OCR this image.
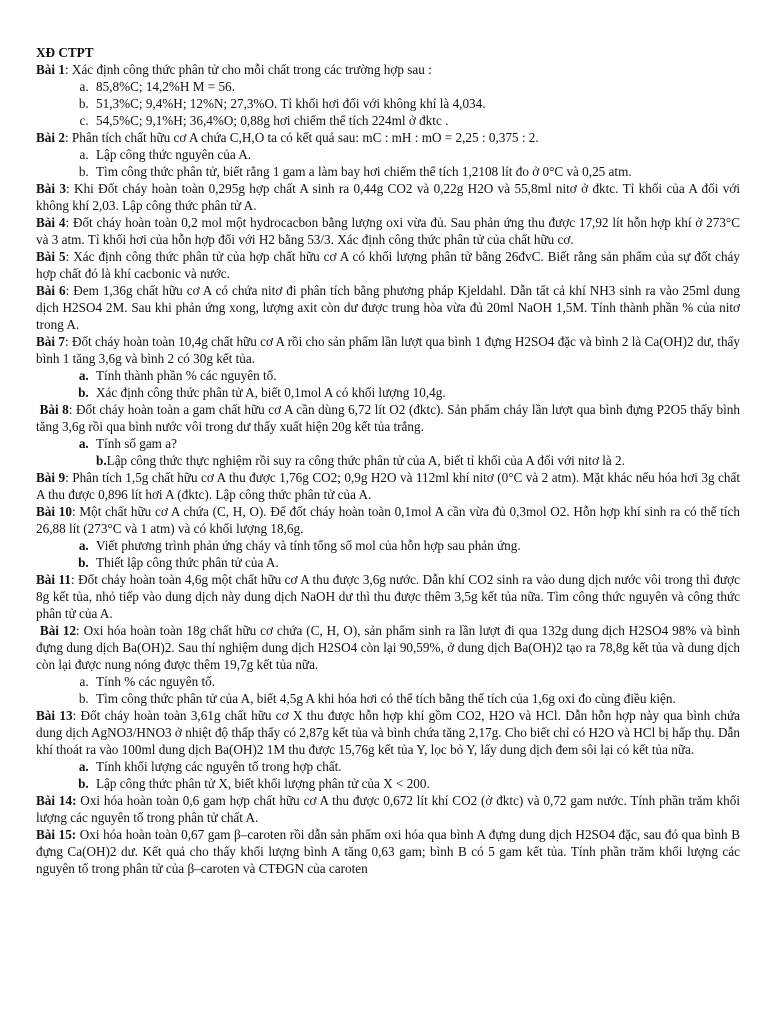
XĐ CTPT

Bài 1: Xác định công thức phân tử cho mỗi chất trong các trường hợp sau :

a. 85,8%C; 14,2%H M = 56.
b. 51,3%C; 9,4%H; 12%N; 27,3%O. Tỉ khối hơi đối với không khí là 4,034.
c. 54,5%C; 9,1%H; 36,4%O; 0,88g hơi chiếm thể tích 224ml ở đktc .

Bài 2: Phân tích chất hữu cơ A chứa C,H,O ta có kết quả sau: mC : mH : mO = 2,25 : 0,375 : 2.

a. Lập công thức nguyên của A.
b. Tìm công thức phân tử, biết rằng 1 gam a làm bay hơi chiếm thể tích 1,2108 lít đo ở 0°C và 0,25 atm.

Bài 3: Khi Đốt cháy hoàn toàn 0,295g hợp chất A sinh ra 0,44g CO2 và 0,22g H2O và 55,8ml nitơ ở đktc. Tỉ khối của A đối với không khí 2,03. Lập công thức phân tử A.

Bài 4: Đốt cháy hoàn toàn 0,2 mol một hydrocacbon bằng lượng oxi vừa đủ. Sau phản ứng thu được 17,92 lít hỗn hợp khí ở 273°C và 3 atm. Tỉ khối hơi của hỗn hợp đối với H2 bằng 53/3. Xác định công thức phân tử của chất hữu cơ.

Bài 5: Xác định công thức phân tử của hợp chất hữu cơ A có khối lượng phân tử bằng 26đvC. Biết rằng sản phẩm của sự đốt cháy hợp chất đó là khí cacbonic và nước.

Bài 6: Đem 1,36g chất hữu cơ A có chứa nitơ đi phân tích bằng phương pháp Kjeldahl. Dẫn tất cả khí NH3 sinh ra vào 25ml dung dịch H2SO4 2M. Sau khi phản ứng xong, lượng axit còn dư được trung hòa vừa đủ 20ml NaOH 1,5M. Tính thành phần % của nitơ trong A.

Bài 7: Đốt cháy hoàn toàn 10,4g chất hữu cơ A rồi cho sản phẩm lần lượt qua bình 1 đựng H2SO4 đặc và bình 2 là Ca(OH)2 dư, thấy bình 1 tăng 3,6g và bình 2 có 30g kết tủa.

a. Tính thành phần % các nguyên tố.
b. Xác định công thức phân tử A, biết 0,1mol A có khối lượng 10,4g.

Bài 8: Đốt cháy hoàn toàn a gam chất hữu cơ A cần dùng 6,72 lít O2 (đktc). Sản phẩm cháy lần lượt qua bình đựng P2O5 thấy bình tăng 3,6g rồi qua bình nước vôi trong dư thấy xuất hiện 20g kết tủa trắng.

a. Tính số gam a?

b.Lập công thức thực nghiệm rồi suy ra công thức phân tử của A, biết tỉ khối của A đối với nitơ là 2.

Bài 9: Phân tích 1,5g chất hữu cơ A thu được 1,76g CO2; 0,9g H2O và 112ml khí nitơ (0°C và 2 atm). Mặt khác nếu hóa hơi 3g chất A thu được 0,896 lít hơi A (đktc). Lập công thức phân tử của A.

Bài 10: Một chất hữu cơ A chứa (C, H, O). Để đốt cháy hoàn toàn 0,1mol A cần vừa đủ 0,3mol O2. Hỗn hợp khí sinh ra có thể tích 26,88 lít (273°C và 1 atm) và có khối lượng 18,6g.

a. Viết phương trình phản ứng cháy và tính tổng số mol của hỗn hợp sau phản ứng.
b. Thiết lập công thức phân tử của A.

Bài 11: Đốt cháy hoàn toàn 4,6g một chất hữu cơ A thu được 3,6g nước. Dẫn khí CO2 sinh ra vào dung dịch nước vôi trong thì được 8g kết tủa, nhỏ tiếp vào dung dịch này dung dịch NaOH dư thì thu được thêm 3,5g kết tủa nữa. Tìm công thức nguyên và công thức phân tử của A.

Bài 12: Oxi hóa hoàn toàn 18g chất hữu cơ chứa (C, H, O), sản phẩm sinh ra lần lượt đi qua 132g dung dịch H2SO4 98% và bình đựng dung dịch Ba(OH)2. Sau thí nghiệm dung dịch H2SO4 còn lại 90,59%, ở dung dịch Ba(OH)2 tạo ra 78,8g kết tủa và dung dịch còn lại được nung nóng được thêm 19,7g kết tủa nữa.

a. Tính % các nguyên tố.
b. Tìm công thức phân tử của A, biết 4,5g A khi hóa hơi có thể tích bằng thể tích của 1,6g oxi đo cùng điều kiện.

Bài 13: Đốt cháy hoàn toàn 3,61g chất hữu cơ X thu được hỗn hợp khí gồm CO2, H2O và HCl. Dẫn hỗn hợp này qua bình chứa dung dịch AgNO3/HNO3 ở nhiệt độ thấp thấy có 2,87g kết tủa và bình chứa tăng 2,17g. Cho biết chỉ có H2O và HCl bị hấp thụ. Dẫn khí thoát ra vào 100ml dung dịch Ba(OH)2 1M thu được 15,76g kết tủa Y, lọc bỏ Y, lấy dung dịch đem sôi lại có kết tủa nữa.

a. Tính khối lượng các nguyên tố trong hợp chất.
b. Lập công thức phân tử X, biết khối lượng phân tử của X < 200.

Bài 14: Oxi hóa hoàn toàn 0,6 gam hợp chất hữu cơ A thu được 0,672 lít khí CO2 (ở đktc) và 0,72 gam nước. Tính phần trăm khối lượng các nguyên tố trong phân tử chất A.

Bài 15: Oxi hóa hoàn toàn 0,67 gam β–caroten rồi dẫn sản phẩm oxi hóa qua bình A đựng dung dịch H2SO4 đặc, sau đó qua bình B đựng Ca(OH)2 dư. Kết quả cho thấy khối lượng bình A tăng 0,63 gam; bình B có 5 gam kết tủa. Tính phần trăm khối lượng các nguyên tố trong phân tử của β–caroten và CTĐGN của caroten
